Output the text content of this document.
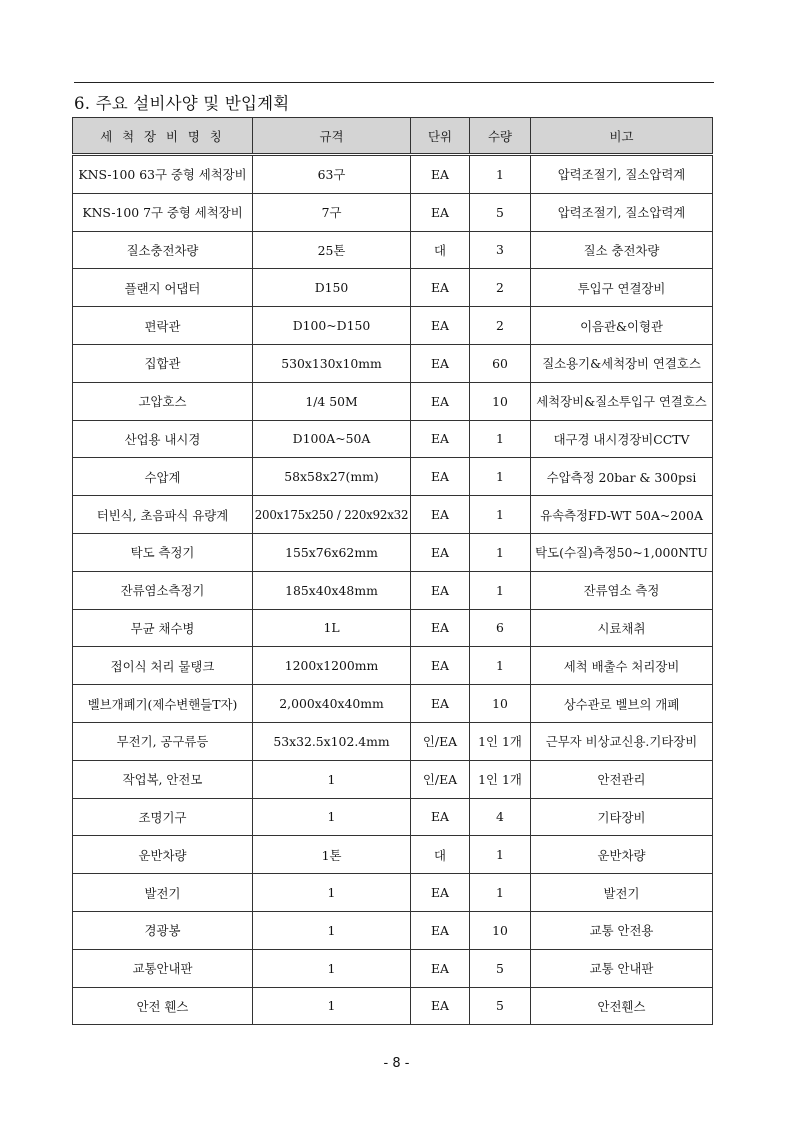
6. 주요 설비사양 및 반입계획
세 척 장 비 명 칭	규격	단위	수량	비고
KNS-100 63구 중형 세척장비	63구	EA	1	압력조절기, 질소압력계
KNS-100 7구 중형 세척장비	7구	EA	5	압력조절기, 질소압력계
질소충전차량	25톤	대	3	질소 충전차량
플랜지 어댑터	D150	EA	2	투입구 연결장비
편락관	D100~D150	EA	2	이음관&이형관
집합관	530x130x10mm	EA	60	질소용기&세척장비 연결호스
고압호스	1/4 50M	EA	10	세척장비&질소투입구 연결호스
산업용 내시경	D100A~50A	EA	1	대구경 내시경장비CCTV
수압계	58x58x27(mm)	EA	1	수압측정 20bar & 300psi
터빈식, 초음파식 유량계	200x175x250 / 220x92x32	EA	1	유속측정FD-WT 50A~200A
탁도 측정기	155x76x62mm	EA	1	탁도(수질)측정50~1,000NTU
잔류염소측정기	185x40x48mm	EA	1	잔류염소 측정
무균 채수병	1L	EA	6	시료채취
접이식 처리 물탱크	1200x1200mm	EA	1	세척 배출수 처리장비
벨브개폐기(제수변핸들T자)	2,000x40x40mm	EA	10	상수관로 벨브의 개폐
무전기, 공구류등	53x32.5x102.4mm	인/EA	1인 1개	근무자 비상교신용.기타장비
작업복, 안전모	1	인/EA	1인 1개	안전관리
조명기구	1	EA	4	기타장비
운반차량	1톤	대	1	운반차량
발전기	1	EA	1	발전기
경광봉	1	EA	10	교통 안전용
교통안내판	1	EA	5	교통 안내판
안전 휀스	1	EA	5	안전휀스
- 8 -
